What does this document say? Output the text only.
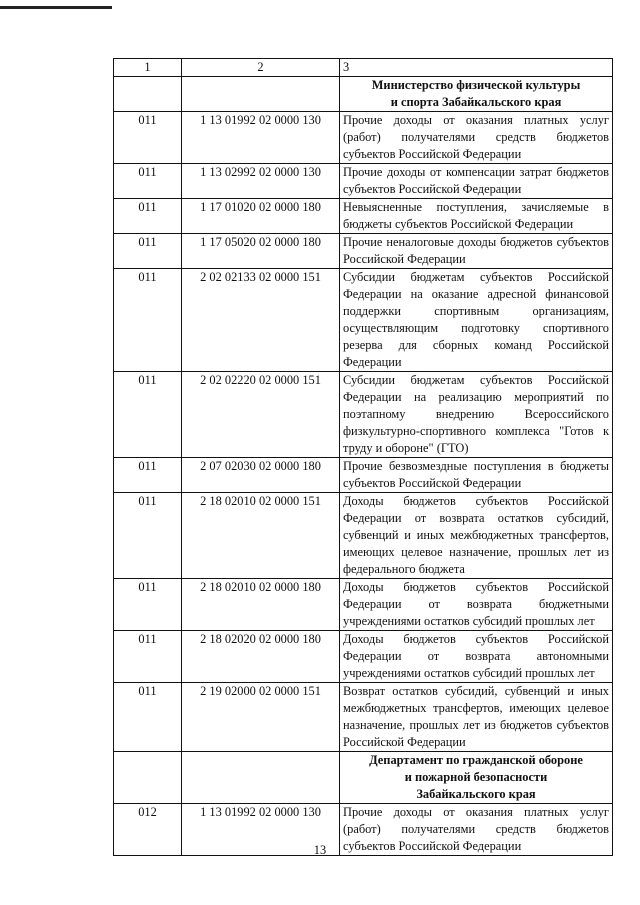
1	2	3
		Министерство физической культуры
и спорта Забайкальского края
011	1 13 01992 02 0000 130	Прочие доходы от оказания платных услуг (работ) получателями средств бюджетов субъектов Российской Федерации
011	1 13 02992 02 0000 130	Прочие доходы от компенсации затрат бюджетов субъектов Российской Федерации
011	1 17 01020 02 0000 180	Невыясненные поступления, зачисляемые в бюджеты субъектов Российской Федерации
011	1 17 05020 02 0000 180	Прочие неналоговые доходы бюджетов субъектов Российской Федерации
011	2 02 02133 02 0000 151	Субсидии бюджетам субъектов Российской Федерации на оказание адресной финансовой поддержки спортивным организациям, осуществляющим подготовку спортивного резерва для сборных команд Российской Федерации
011	2 02 02220 02 0000 151	Субсидии бюджетам субъектов Российской Федерации на реализацию мероприятий по поэтапному внедрению Всероссийского физкультурно-спортивного комплекса "Готов к труду и обороне" (ГТО)
011	2 07 02030 02 0000 180	Прочие безвозмездные поступления в бюджеты субъектов Российской Федерации
011	2 18 02010 02 0000 151	Доходы бюджетов субъектов Российской Федерации от возврата остатков субсидий, субвенций и иных межбюджетных трансфертов, имеющих целевое назначение, прошлых лет из федерального бюджета
011	2 18 02010 02 0000 180	Доходы бюджетов субъектов Российской Федерации от возврата бюджетными учреждениями остатков субсидий прошлых лет
011	2 18 02020 02 0000 180	Доходы бюджетов субъектов Российской Федерации от возврата автономными учреждениями остатков субсидий прошлых лет
011	2 19 02000 02 0000 151	Возврат остатков субсидий, субвенций и иных межбюджетных трансфертов, имеющих целевое назначение, прошлых лет из бюджетов субъектов Российской Федерации
		Департамент по гражданской обороне
и пожарной безопасности
Забайкальского края
012	1 13 01992 02 0000 130	Прочие доходы от оказания платных услуг (работ) получателями средств бюджетов субъектов Российской Федерации
13
